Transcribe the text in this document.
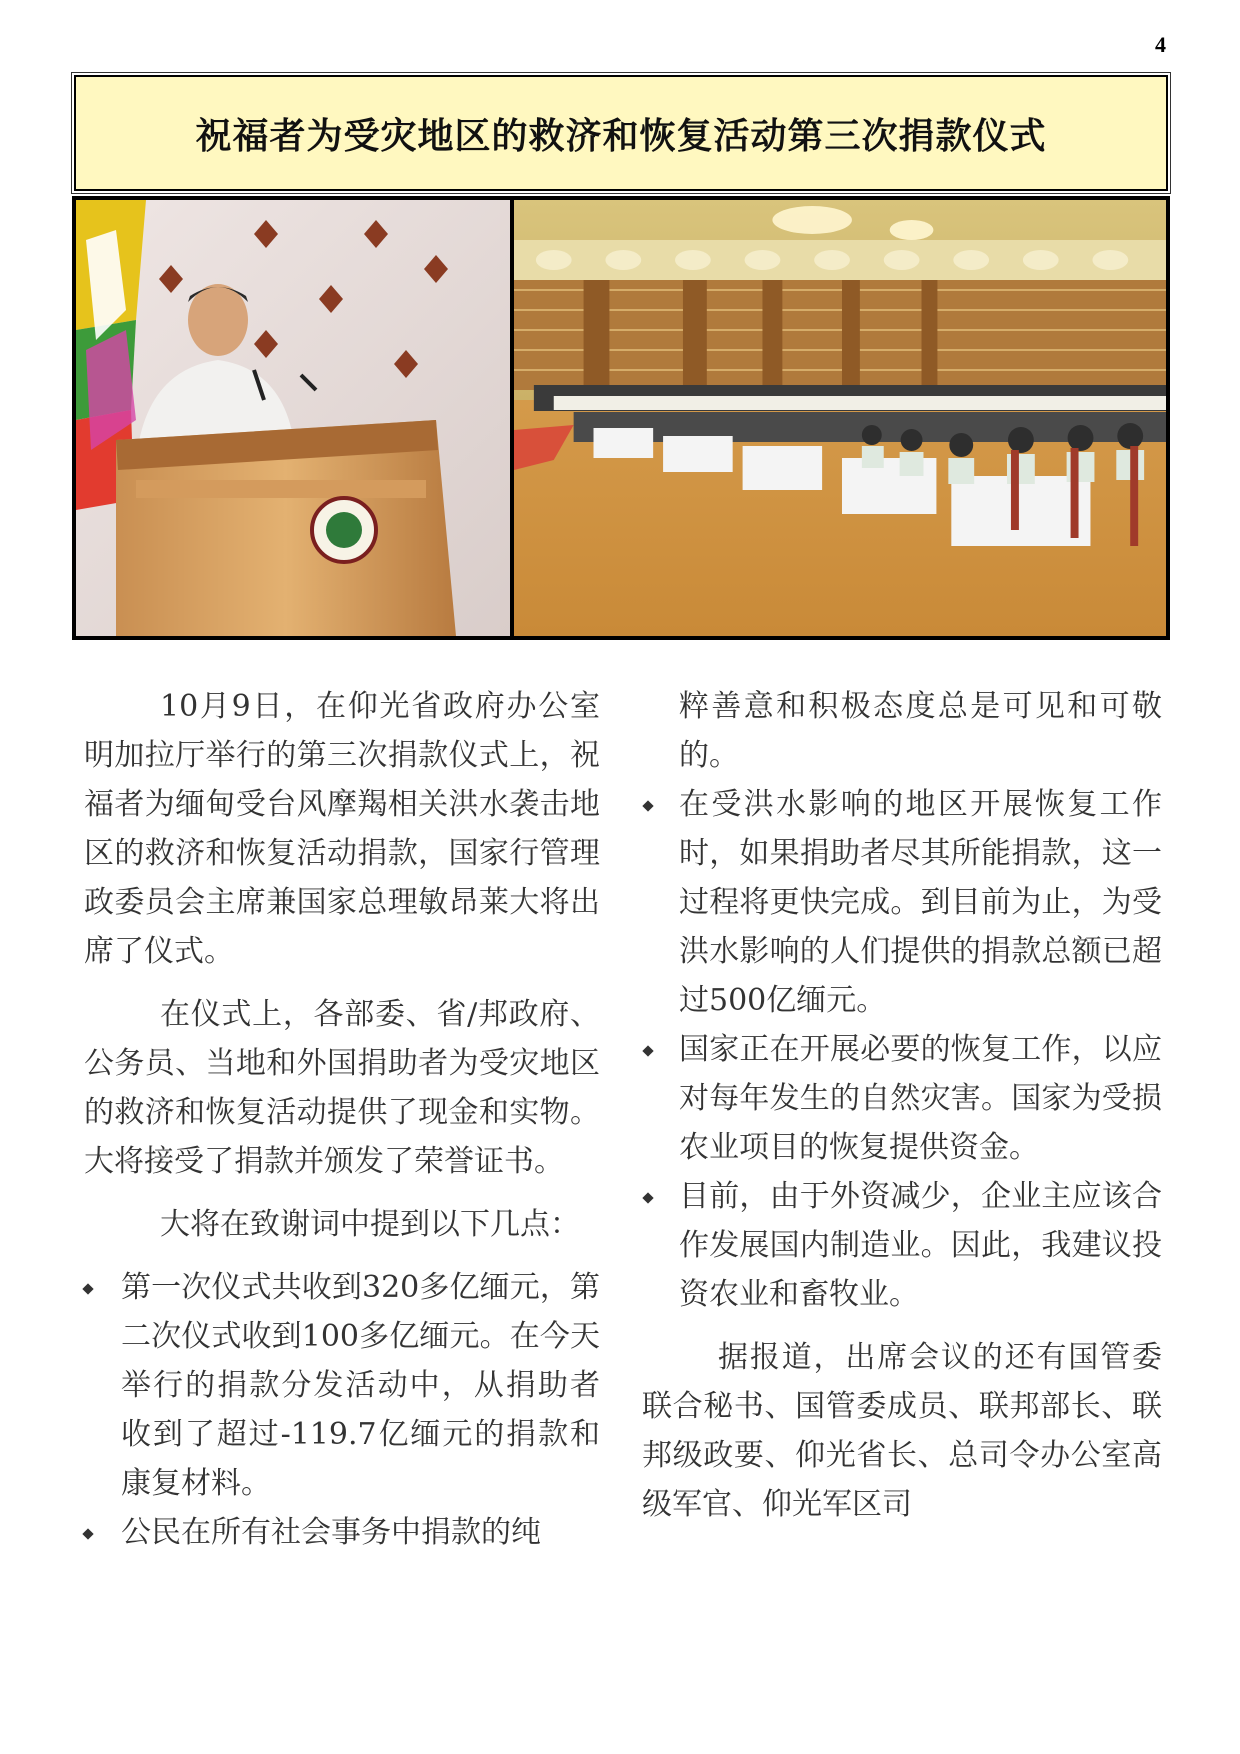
4
祝福者为受灾地区的救济和恢复活动第三次捐款仪式

10月9日，在仰光省政府办公室明加拉厅举行的第三次捐款仪式上，祝福者为缅甸受台风摩羯相关洪水袭击地区的救济和恢复活动捐款，国家行管理政委员会主席兼国家总理敏昂莱大将出席了仪式。

在仪式上，各部委、省/邦政府、公务员、当地和外国捐助者为受灾地区的救济和恢复活动提供了现金和实物。大将接受了捐款并颁发了荣誉证书。

大将在致谢词中提到以下几点：

第一次仪式共收到320多亿缅元，第二次仪式收到100多亿缅元。在今天举行的捐款分发活动中，从捐助者收到了超过-119.7亿缅元的捐款和康复材料。
公民在所有社会事务中捐款的纯
粹善意和积极态度总是可见和可敬的。
在受洪水影响的地区开展恢复工作时，如果捐助者尽其所能捐款，这一过程将更快完成。到目前为止，为受洪水影响的人们提供的捐款总额已超过500亿缅元。
国家正在开展必要的恢复工作，以应对每年发生的自然灾害。国家为受损农业项目的恢复提供资金。
目前，由于外资减少，企业主应该合作发展国内制造业。因此，我建议投资农业和畜牧业。

据报道，出席会议的还有国管委联合秘书、国管委成员、联邦部长、联邦级政要、仰光省长、总司令办公室高级军官、仰光军区司
